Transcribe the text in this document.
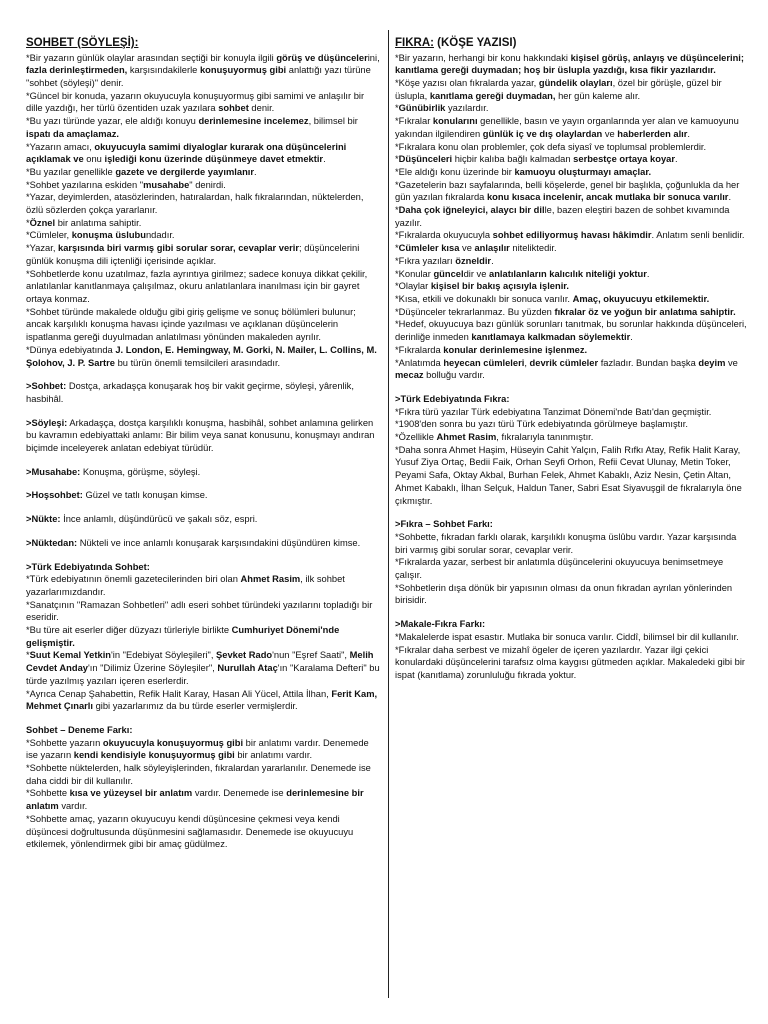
SOHBET (SÖYLEŞİ):

*Bir yazarın günlük olaylar arasından seçtiği bir konuyla ilgili görüş ve düşüncelerini, fazla derinleştirmeden, karşısındakilerle konuşuyormuş gibi anlattığı yazı türüne "sohbet (söyleşi)" denir.

*Güncel bir konuda, yazarın okuyucuyla konuşuyormuş gibi samimi ve anlaşılır bir dille yazdığı, her türlü özentiden uzak yazılara sohbet denir.

*Bu yazı türünde yazar, ele aldığı konuyu derinlemesine incelemez, bilimsel bir ispatı da amaçlamaz.

*Yazarın amacı, okuyucuyla samimi diyaloglar kurarak ona düşüncelerini açıklamak ve onu işlediği konu üzerinde düşünmeye davet etmektir.

*Bu yazılar genellikle gazete ve dergilerde yayımlanır.

*Sohbet yazılarına eskiden "musahabe" denirdi.

*Yazar, deyimlerden, atasözlerinden, hatıralardan, halk fıkralarından, nüktelerden, özlü sözlerden çokça yararlanır.

*Öznel bir anlatıma sahiptir.

*Cümleler, konuşma üslubundadır.

*Yazar, karşısında biri varmış gibi sorular sorar, cevaplar verir; düşüncelerini günlük konuşma dili içtenliği içerisinde açıklar.

*Sohbetlerde konu uzatılmaz, fazla ayrıntıya girilmez; sadece konuya dikkat çekilir, anlatılanlar kanıtlanmaya çalışılmaz, okuru anlatılanlara inanılması için bir gayret ortaya konmaz.

*Sohbet türünde makalede olduğu gibi giriş gelişme ve sonuç bölümleri bulunur; ancak karşılıklı konuşma havası içinde yazılması ve açıklanan düşüncelerin ispatlanma gereği duyulmadan anlatılması yönünden makaleden ayrılır.

*Dünya edebiyatında J. London, E. Hemingway, M. Gorki, N. Mailer, L. Collins, M. Şolohov, J. P. Sartre bu türün önemli temsilcileri arasındadır.

>Sohbet: Dostça, arkadaşça konuşarak hoş bir vakit geçirme, söyleşi, yârenlik, hasbihâl.

>Söyleşi: Arkadaşça, dostça karşılıklı konuşma, hasbihâl, sohbet anlamına gelirken bu kavramın edebiyattaki anlamı: Bir bilim veya sanat konusunu, konuşmayı andıran biçimde inceleyerek anlatan edebiyat türüdür.

>Musahabe: Konuşma, görüşme, söyleşi.

>Hoşsohbet: Güzel ve tatlı konuşan kimse.

>Nükte: İnce anlamlı, düşündürücü ve şakalı söz, espri.

>Nüktedan: Nükteli ve ince anlamlı konuşarak karşısındakini düşündüren kimse.

>Türk Edebiyatında Sohbet:

*Türk edebiyatının önemli gazetecilerinden biri olan Ahmet Rasim, ilk sohbet yazarlarımızdandır.

*Sanatçının "Ramazan Sohbetleri" adlı eseri sohbet türündeki yazılarını topladığı bir eseridir.

*Bu türe ait eserler diğer düzyazı türleriyle birlikte Cumhuriyet Dönemi'nde gelişmiştir.

*Suut Kemal Yetkin'in "Edebiyat Söyleşileri", Şevket Rado'nun "Eşref Saati", Melih Cevdet Anday'ın "Dilimiz Üzerine Söyleşiler", Nurullah Ataç'ın "Karalama Defteri" bu türde yazılmış yazıları içeren eserlerdir.

*Ayrıca Cenap Şahabettin, Refik Halit Karay, Hasan Ali Yücel, Attila İlhan, Ferit Kam, Mehmet Çınarlı gibi yazarlarımız da bu türde eserler vermişlerdir.

Sohbet – Deneme Farkı:

*Sohbette yazarın okuyucuyla konuşuyormuş gibi bir anlatımı vardır. Denemede ise yazarın kendi kendisiyle konuşuyormuş gibi bir anlatımı vardır.

*Sohbette nüktelerden, halk söyleyişlerinden, fıkralardan yararlanılır. Denemede ise daha ciddi bir dil kullanılır.

*Sohbette kısa ve yüzeysel bir anlatım vardır. Denemede ise derinlemesine bir anlatım vardır.

*Sohbette amaç, yazarın okuyucuyu kendi düşüncesine çekmesi veya kendi düşüncesi doğrultusunda düşünmesini sağlamasıdır. Denemede ise okuyucuyu etkilemek, yönlendirmek gibi bir amaç güdülmez.

FIKRA: (KÖŞE YAZISI)

*Bir yazarın, herhangi bir konu hakkındaki kişisel görüş, anlayış ve düşüncelerini; kanıtlama gereği duymadan; hoş bir üslupla yazdığı, kısa fikir yazılarıdır.

*Köşe yazısı olan fıkralarda yazar, gündelik olayları, özel bir görüşle, güzel bir üslupla, kanıtlama gereği duymadan, her gün kaleme alır.

*Günübirlik yazılardır.

*Fıkralar konularını genellikle, basın ve yayın organlarında yer alan ve kamuoyunu yakından ilgilendiren günlük iç ve dış olaylardan ve haberlerden alır.

*Fıkralara konu olan problemler, çok defa siyasî ve toplumsal problemlerdir.

*Düşünceleri hiçbir kalıba bağlı kalmadan serbestçe ortaya koyar.

*Ele aldığı konu üzerinde bir kamuoyu oluşturmayı amaçlar.

*Gazetelerin bazı sayfalarında, belli köşelerde, genel bir başlıkla, çoğunlukla da her gün yazılan fıkralarda konu kısaca incelenir, ancak mutlaka bir sonuca varılır.

*Daha çok iğneleyici, alaycı bir dille, bazen eleştiri bazen de sohbet kıvamında yazılır.

*Fıkralarda okuyucuyla sohbet ediliyormuş havası hâkimdir. Anlatım senli benlidir.

*Cümleler kısa ve anlaşılır niteliktedir.

*Fıkra yazıları özneldir.

*Konular günceldir ve anlatılanların kalıcılık niteliği yoktur.

*Olaylar kişisel bir bakış açısıyla işlenir.

*Kısa, etkili ve dokunaklı bir sonuca varılır. Amaç, okuyucuyu etkilemektir.

*Düşünceler tekrarlanmaz. Bu yüzden fıkralar öz ve yoğun bir anlatıma sahiptir.

*Hedef, okuyucuya bazı günlük sorunları tanıtmak, bu sorunlar hakkında düşünceleri, derinliğe inmeden kanıtlamaya kalkmadan söylemektir.

*Fıkralarda konular derinlemesine işlenmez.

*Anlatımda heyecan cümleleri, devrik cümleler fazladır. Bundan başka deyim ve mecaz bolluğu vardır.

>Türk Edebiyatında Fıkra:

*Fıkra türü yazılar Türk edebiyatına Tanzimat Dönemi'nde Batı'dan geçmiştir.

*1908'den sonra bu yazı türü Türk edebiyatında görülmeye başlamıştır.

*Özellikle Ahmet Rasim, fıkralarıyla tanınmıştır.

*Daha sonra Ahmet Haşim, Hüseyin Cahit Yalçın, Falih Rıfkı Atay, Refik Halit Karay, Yusuf Ziya Ortaç, Bedii Faik, Orhan Seyfi Orhon, Refii Cevat Ulunay, Metin Toker, Peyami Safa, Oktay Akbal, Burhan Felek, Ahmet Kabaklı, Aziz Nesin, Çetin Altan, Ahmet Kabaklı, İlhan Selçuk, Haldun Taner, Sabri Esat Siyavuşgil de fıkralarıyla öne çıkmıştır.

>Fıkra – Sohbet Farkı:

*Sohbette, fıkradan farklı olarak, karşılıklı konuşma üslûbu vardır. Yazar karşısında biri varmış gibi sorular sorar, cevaplar verir.

*Fıkralarda yazar, serbest bir anlatımla düşüncelerini okuyucuya benimsetmeye çalışır.

*Sohbetlerin dışa dönük bir yapısının olması da onun fıkradan ayrılan yönlerinden birisidir.

>Makale-Fıkra Farkı:

*Makalelerde ispat esastır. Mutlaka bir sonuca varılır. Ciddî, bilimsel bir dil kullanılır.

*Fıkralar daha serbest ve mizahî ögeler de içeren yazılardır. Yazar ilgi çekici konulardaki düşüncelerini tarafsız olma kaygısı gütmeden açıklar. Makaledeki gibi bir ispat (kanıtlama) zorunluluğu fıkrada yoktur.
